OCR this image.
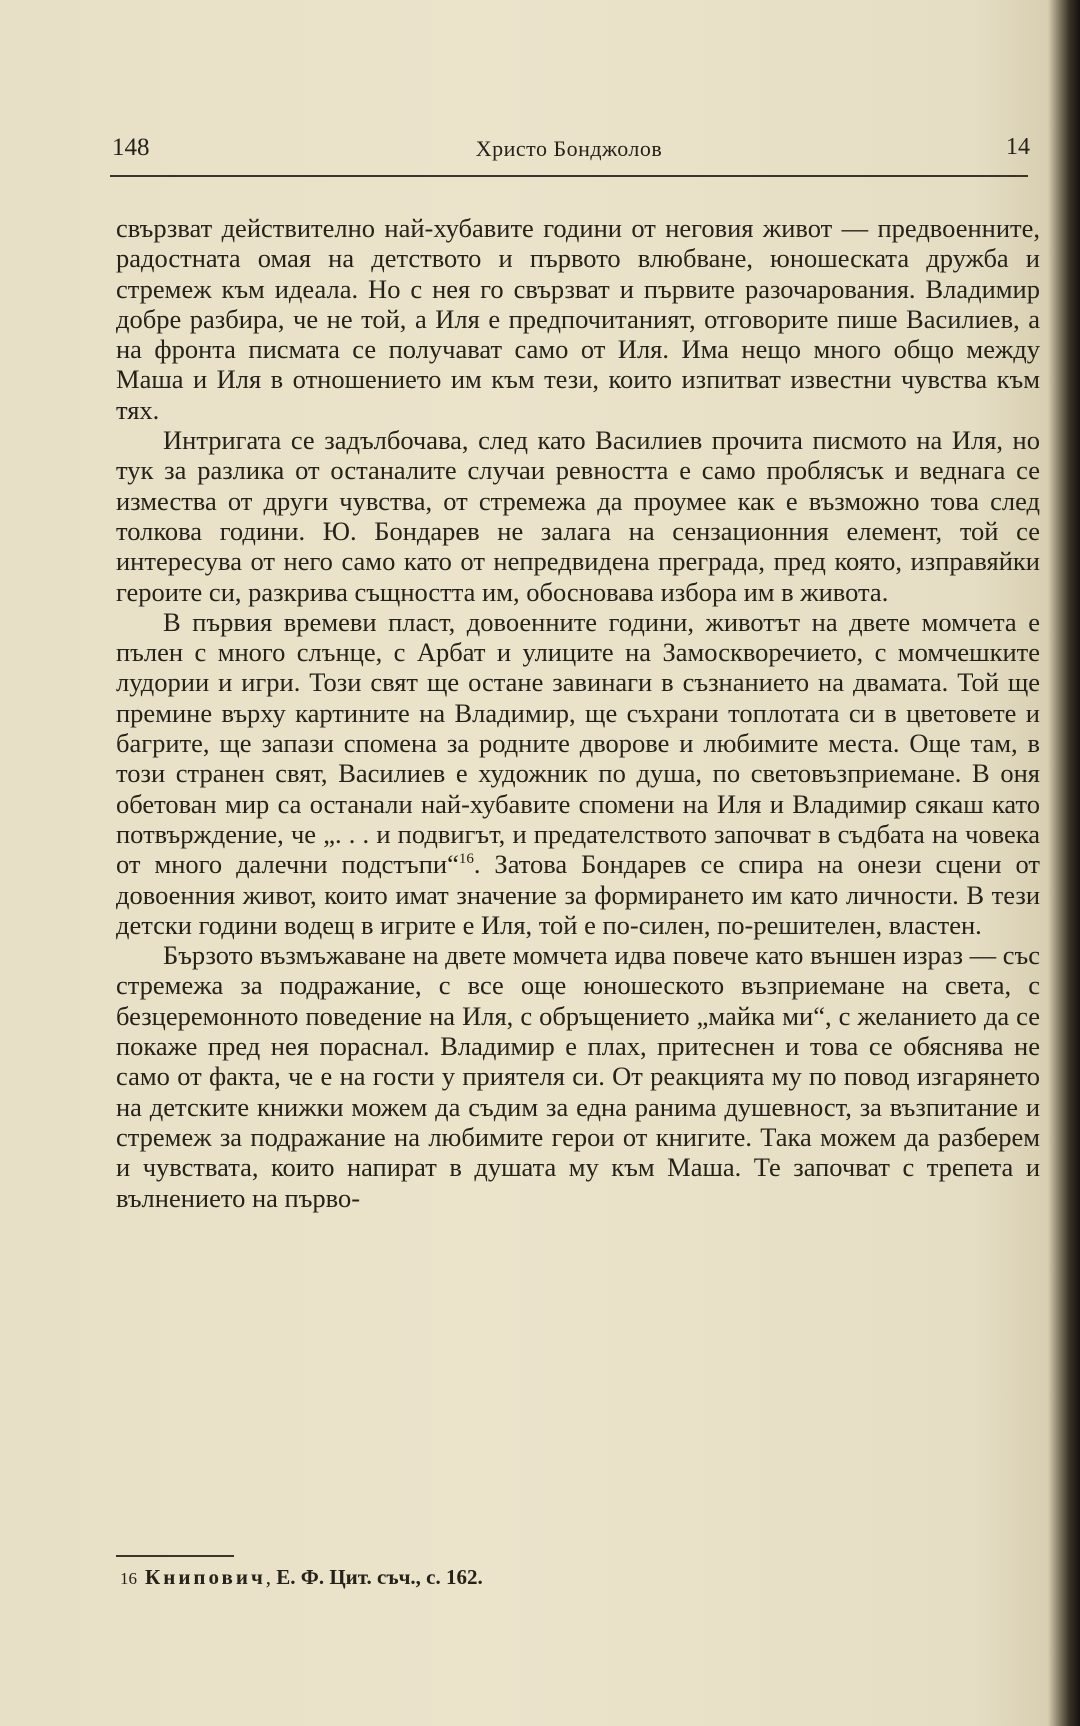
148	Христо Бонджолов	14

свързват действително най-хубавите години от неговия живот — предвоенните, радостната омая на детството и първото влюбване, юношеската дружба и стремеж към идеала. Но с нея го свързват и първите разочарования. Владимир добре разбира, че не той, а Иля е предпочитаният, отговорите пише Василиев, а на фронта писмата се получават само от Иля. Има нещо много общо между Маша и Иля в отношението им към тези, които изпитват известни чувства към тях.

Интригата се задълбочава, след като Василиев прочита писмото на Иля, но тук за разлика от останалите случаи ревността е само проблясък и веднага се измества от други чувства, от стремежа да проумее как е възможно това след толкова години. Ю. Бондарев не залага на сензационния елемент, той се интересува от него само като от непредвидена преграда, пред която, изправяйки героите си, разкрива същността им, обосновава избора им в живота.

В първия времеви пласт, довоенните години, животът на двете момчета е пълен с много слънце, с Арбат и улиците на Замоскворечието, с момчешките лудории и игри. Този свят ще остане завинаги в съзнанието на двамата. Той ще премине върху картините на Владимир, ще съхрани топлотата си в цветовете и багрите, ще запази спомена за родните дворове и любимите места. Още там, в този странен свят, Василиев е художник по душа, по световъзприемане. В оня обетован мир са останали най-хубавите спомени на Иля и Владимир сякаш като потвърждение, че „. . . и подвигът, и предателството започват в съдбата на човека от много далечни подстъпи“$^{16}$. Затова Бондарев се спира на онези сцени от довоенния живот, които имат значение за формирането им като личности. В тези детски години водещ в игрите е Иля, той е по-силен, по-решителен, властен.

Бързото възмъжаване на двете момчета идва повече като външен израз — със стремежа за подражание, с все още юношеското възприемане на света, с безцеремонното поведение на Иля, с обръщението „майка ми“, с желанието да се покаже пред нея пораснал. Владимир е плах, притеснен и това се обяснява не само от факта, че е на гости у приятеля си. От реакцията му по повод изгарянето на детските книжки можем да съдим за една ранима душевност, за възпитание и стремеж за подражание на любимите герои от книгите. Така можем да разберем и чувствата, които напират в душата му към Маша. Те започват с трепета и вълнението на първо-

16 Книпович, Е. Ф. Цит. съч., с. 162.
